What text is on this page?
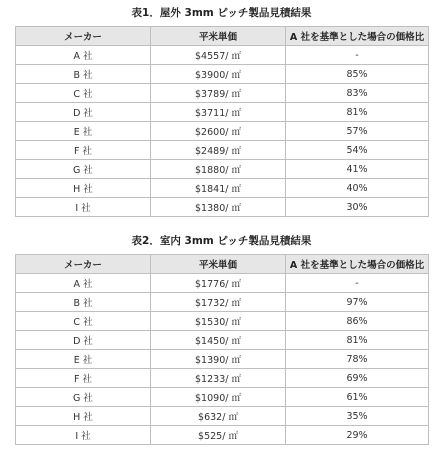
表1．屋外 3mm ピッチ製品見積結果
メーカー	平米単価	A 社を基準とした場合の価格比
A 社	$4557/ ㎡	-
B 社	$3900/ ㎡	85%
C 社	$3789/ ㎡	83%
D 社	$3711/ ㎡	81%
E 社	$2600/ ㎡	57%
F 社	$2489/ ㎡	54%
G 社	$1880/ ㎡	41%
H 社	$1841/ ㎡	40%
I 社	$1380/ ㎡	30%
表2．室内 3mm ピッチ製品見積結果
メーカー	平米単価	A 社を基準とした場合の価格比
A 社	$1776/ ㎡	-
B 社	$1732/ ㎡	97%
C 社	$1530/ ㎡	86%
D 社	$1450/ ㎡	81%
E 社	$1390/ ㎡	78%
F 社	$1233/ ㎡	69%
G 社	$1090/ ㎡	61%
H 社	$632/ ㎡	35%
I 社	$525/ ㎡	29%
